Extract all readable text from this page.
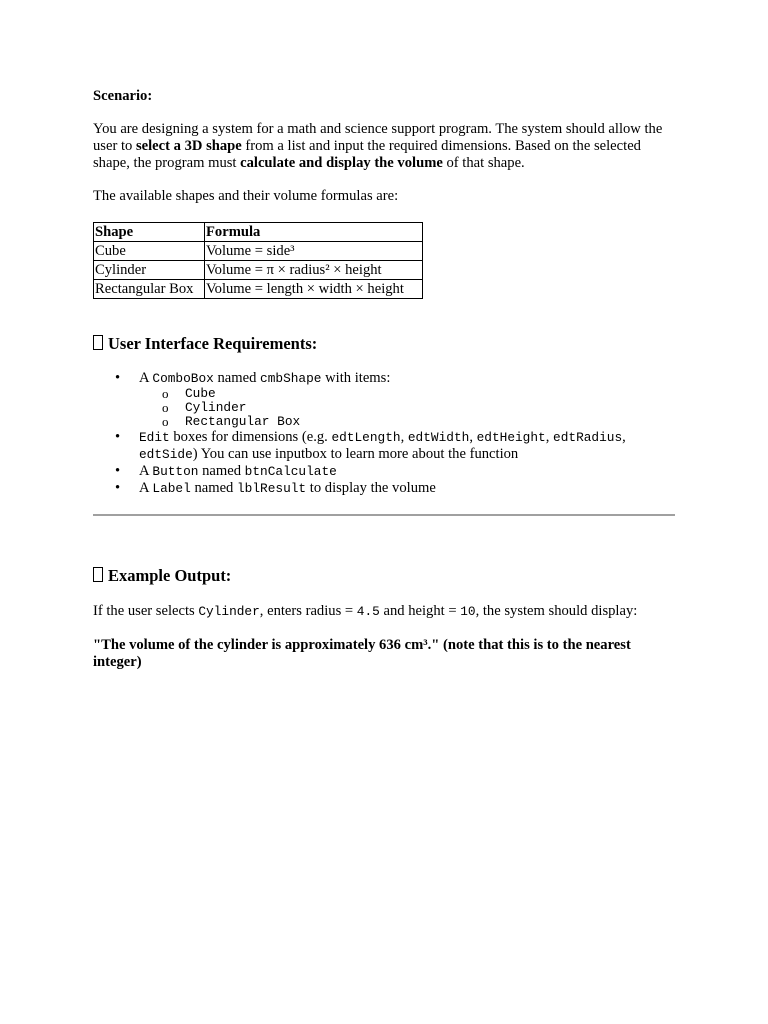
Scenario:
You are designing a system for a math and science support program. The system should allow the user to select a 3D shape from a list and input the required dimensions. Based on the selected shape, the program must calculate and display the volume of that shape.
The available shapes and their volume formulas are:
Shape	Formula
Cube	Volume = side³
Cylinder	Volume = π × radius² × height
Rectangular Box	Volume = length × width × height
User Interface Requirements:
• A ComboBox named cmbShape with items:
o Cube
o Cylinder
o Rectangular Box
• Edit boxes for dimensions (e.g. edtLength, edtWidth, edtHeight, edtRadius, edtSide) You can use inputbox to learn more about the function
• A Button named btnCalculate
• A Label named lblResult to display the volume
Example Output:
If the user selects Cylinder, enters radius = 4.5 and height = 10, the system should display:
"The volume of the cylinder is approximately 636 cm³." (note that this is to the nearest integer)
